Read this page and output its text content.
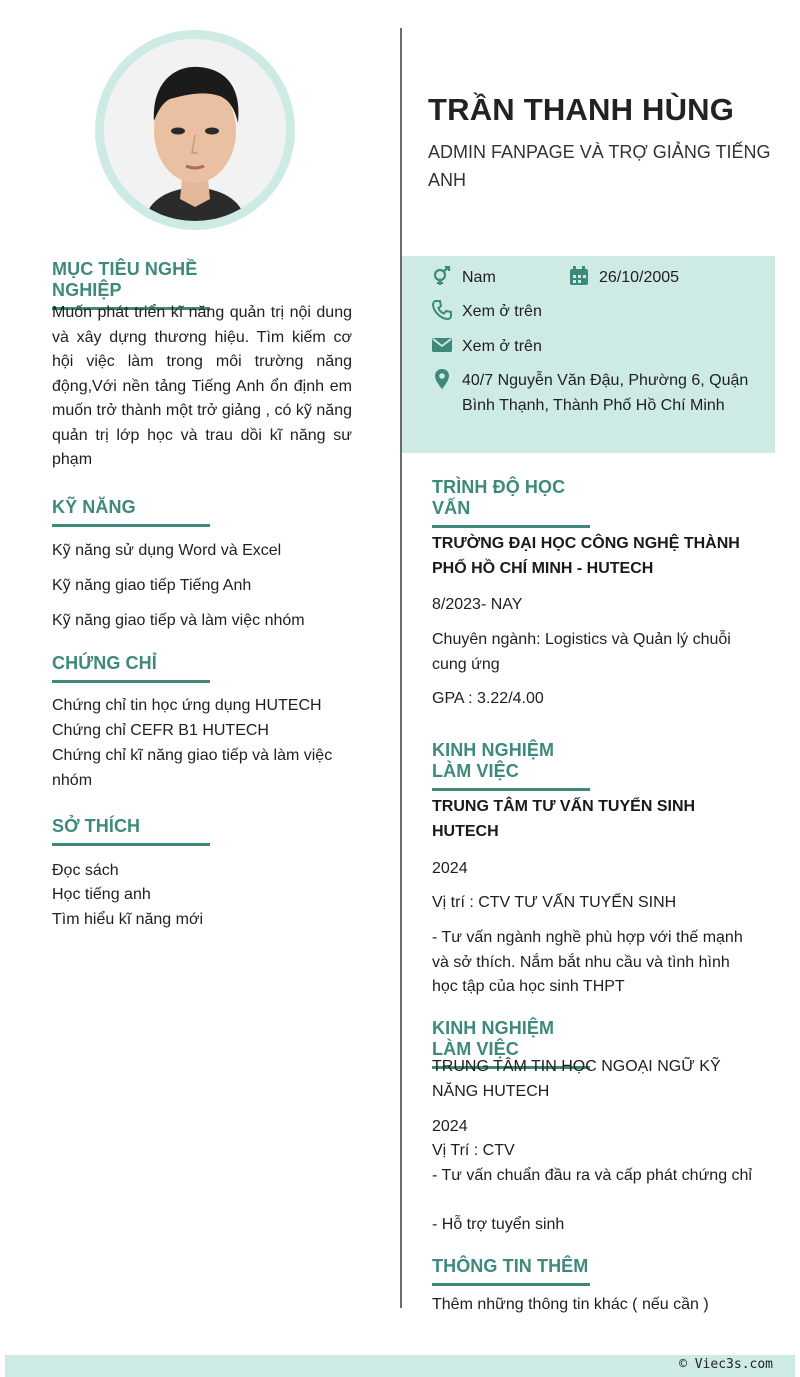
TRẦN THANH HÙNG
ADMIN FANPAGE VÀ TRỢ GIẢNG TIẾNG ANH
Nam	26/10/2005
Xem ở trên
Xem ở trên
40/7 Nguyễn Văn Đậu, Phường 6, Quận Bình Thạnh, Thành Phố Hồ Chí Minh
MỤC TIÊU NGHỀ NGHIỆP
Muốn phát triển kĩ năng quản trị nội dung và xây dựng thương hiệu. Tìm kiếm cơ hội việc làm trong môi trường năng động,Với nền tảng Tiếng Anh ổn định em muốn trở thành một trở giảng , có kỹ năng quản trị lớp học và trau dồi kĩ năng sư phạm
KỸ NĂNG
Kỹ năng sử dụng Word và Excel
Kỹ năng giao tiếp Tiếng Anh
Kỹ năng giao tiếp và làm việc nhóm
CHỨNG CHỈ
Chứng chỉ tin học ứng dụng HUTECH
Chứng chỉ CEFR B1 HUTECH
Chứng chỉ kĩ năng giao tiếp và làm việc nhóm
SỞ THÍCH
Đọc sách
Học tiếng anh
Tìm hiểu kĩ năng mới
TRÌNH ĐỘ HỌC VẤN
TRƯỜNG ĐẠI HỌC CÔNG NGHỆ THÀNH PHỐ HỒ CHÍ MINH - HUTECH
8/2023- NAY
Chuyên ngành: Logistics và Quản lý chuỗi cung ứng
GPA : 3.22/4.00
KINH NGHIỆM LÀM VIỆC
TRUNG TÂM TƯ VẤN TUYỂN SINH HUTECH
2024
Vị trí : CTV TƯ VẤN TUYỂN SINH
- Tư vấn ngành nghề phù hợp với thế mạnh và sở thích. Nắm bắt nhu cầu và tình hình học tập của học sinh THPT
KINH NGHIỆM LÀM VIỆC
TRUNG TÂM TIN HỌC NGOẠI NGỮ KỸ NĂNG HUTECH
2024
Vị Trí : CTV
- Tư vấn chuẩn đầu ra và cấp phát chứng chỉ
- Hỗ trợ tuyển sinh
THÔNG TIN THÊM
Thêm những thông tin khác ( nếu cần )
© Viec3s.com
